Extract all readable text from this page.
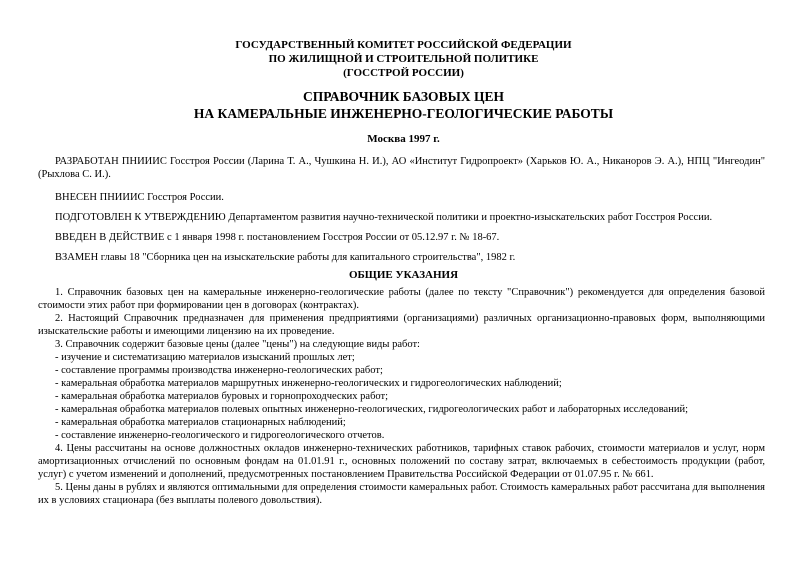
ГОСУДАРСТВЕННЫЙ КОМИТЕТ РОССИЙСКОЙ ФЕДЕРАЦИИ
ПО ЖИЛИЩНОЙ И СТРОИТЕЛЬНОЙ ПОЛИТИКЕ
(ГОССТРОЙ РОССИИ)
СПРАВОЧНИК БАЗОВЫХ ЦЕН
НА КАМЕРАЛЬНЫЕ ИНЖЕНЕРНО-ГЕОЛОГИЧЕСКИЕ РАБОТЫ
Москва 1997 г.
РАЗРАБОТАН ПНИИИС Госстроя России (Ларина Т. А., Чушкина Н. И.), АО «Институт Гидропроект» (Харьков Ю. А., Никаноров Э. А.), НПЦ "Ингеодин" (Рыхлова С. И.).
ВНЕСЕН ПНИИИС Госстроя России.
ПОДГОТОВЛЕН К УТВЕРЖДЕНИЮ Департаментом развития научно-технической политики и проектно-изыскательских работ Госстроя России.
ВВЕДЕН В ДЕЙСТВИЕ с 1 января 1998 г. постановлением Госстроя России от 05.12.97 г. № 18-67.
ВЗАМЕН главы 18 "Сборника цен на изыскательские работы для капитального строительства", 1982 г.
ОБЩИЕ УКАЗАНИЯ
1. Справочник базовых цен на камеральные инженерно-геологические работы (далее по тексту "Справочник") рекомендуется для определения базовой стоимости этих работ при формировании цен в договорах (контрактах).
2. Настоящий Справочник предназначен для применения предприятиями (организациями) различных организационно-правовых форм, выполняющими изыскательские работы и имеющими лицензию на их проведение.
3. Справочник содержит базовые цены (далее "цены") на следующие виды работ:
- изучение и систематизацию материалов изысканий прошлых лет;
- составление программы производства инженерно-геологических работ;
- камеральная обработка материалов маршрутных инженерно-геологических и гидрогеологических наблюдений;
- камеральная обработка материалов буровых и горнопроходческих работ;
- камеральная обработка материалов полевых опытных инженерно-геологических, гидрогеологических работ и лабораторных исследований;
- камеральная обработка материалов стационарных наблюдений;
- составление инженерно-геологического и гидрогеологического отчетов.
4. Цены рассчитаны на основе должностных окладов инженерно-технических работников, тарифных ставок рабочих, стоимости материалов и услуг, норм амортизационных отчислений по основным фондам на 01.01.91 г., основных положений по составу затрат, включаемых в себестоимость продукции (работ, услуг) с учетом изменений и дополнений, предусмотренных постановлением Правительства Российской Федерации от 01.07.95 г. № 661.
5. Цены даны в рублях и являются оптимальными для определения стоимости камеральных работ. Стоимость камеральных работ рассчитана для выполнения их в условиях стационара (без выплаты полевого довольствия).
